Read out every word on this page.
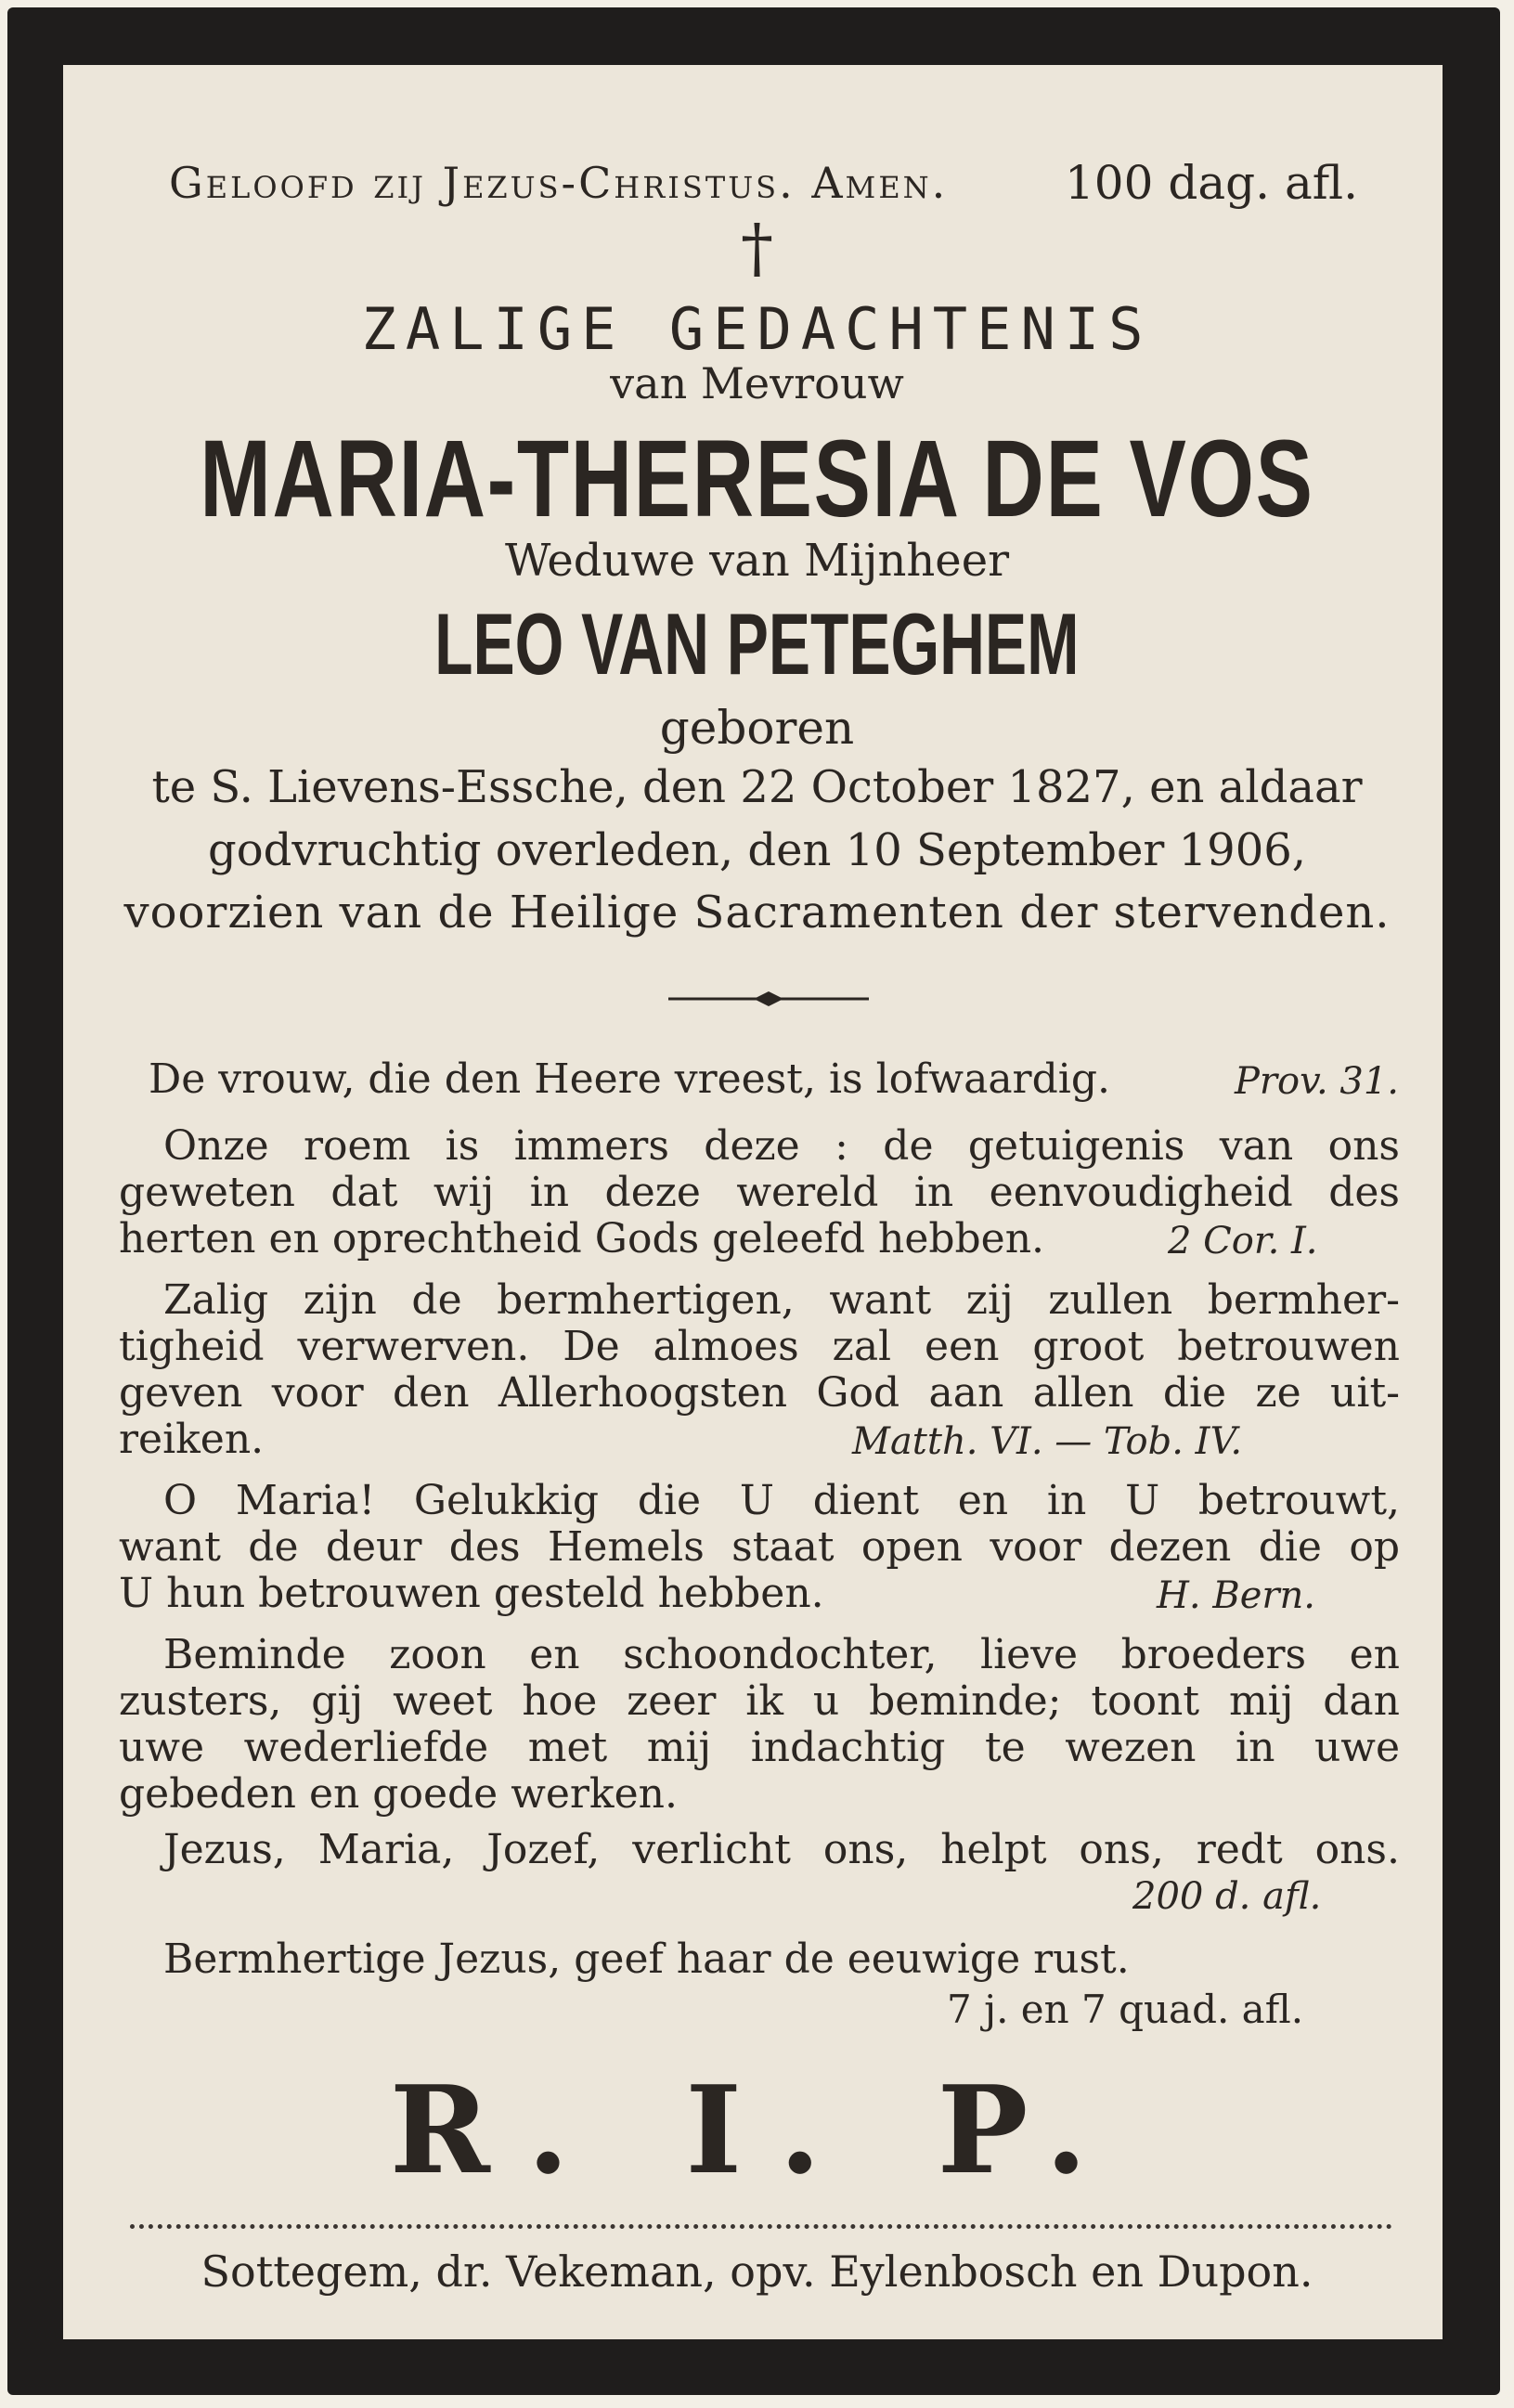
Geloofd zij Jezus-Christus. Amen.	100 dag. afl.
†
ZALIGE GEDACHTENIS
van Mevrouw
MARIA-THERESIA DE VOS
Weduwe van Mijnheer
LEO VAN PETEGHEM
geboren
te S. Lievens-Essche, den 22 October 1827, en aldaar
godvruchtig overleden, den 10 September 1906,
voorzien van de Heilige Sacramenten der stervenden.
De vrouw, die den Heere vreest, is lofwaardig.	Prov. 31.
Onze roem is immers deze : de getuigenis van ons
geweten dat wij in deze wereld in eenvoudigheid des
herten en oprechtheid Gods geleefd hebben.	2 Cor. I.
Zalig zijn de bermhertigen, want zij zullen bermher-
tigheid verwerven. De almoes zal een groot betrouwen
geven voor den Allerhoogsten God aan allen die ze uit-
reiken.	Matth. VI. — Tob. IV.
O Maria! Gelukkig die U dient en in U betrouwt,
want de deur des Hemels staat open voor dezen die op
U hun betrouwen gesteld hebben.	H. Bern.
Beminde zoon en schoondochter, lieve broeders en
zusters, gij weet hoe zeer ik u beminde; toont mij dan
uwe wederliefde met mij indachtig te wezen in uwe
gebeden en goede werken.
Jezus, Maria, Jozef, verlicht ons, helpt ons, redt ons.
200 d. afl.
Bermhertige Jezus, geef haar de eeuwige rust.
7 j. en 7 quad. afl.
R. I. P.
Sottegem, dr. Vekeman, opv. Eylenbosch en Dupon.
